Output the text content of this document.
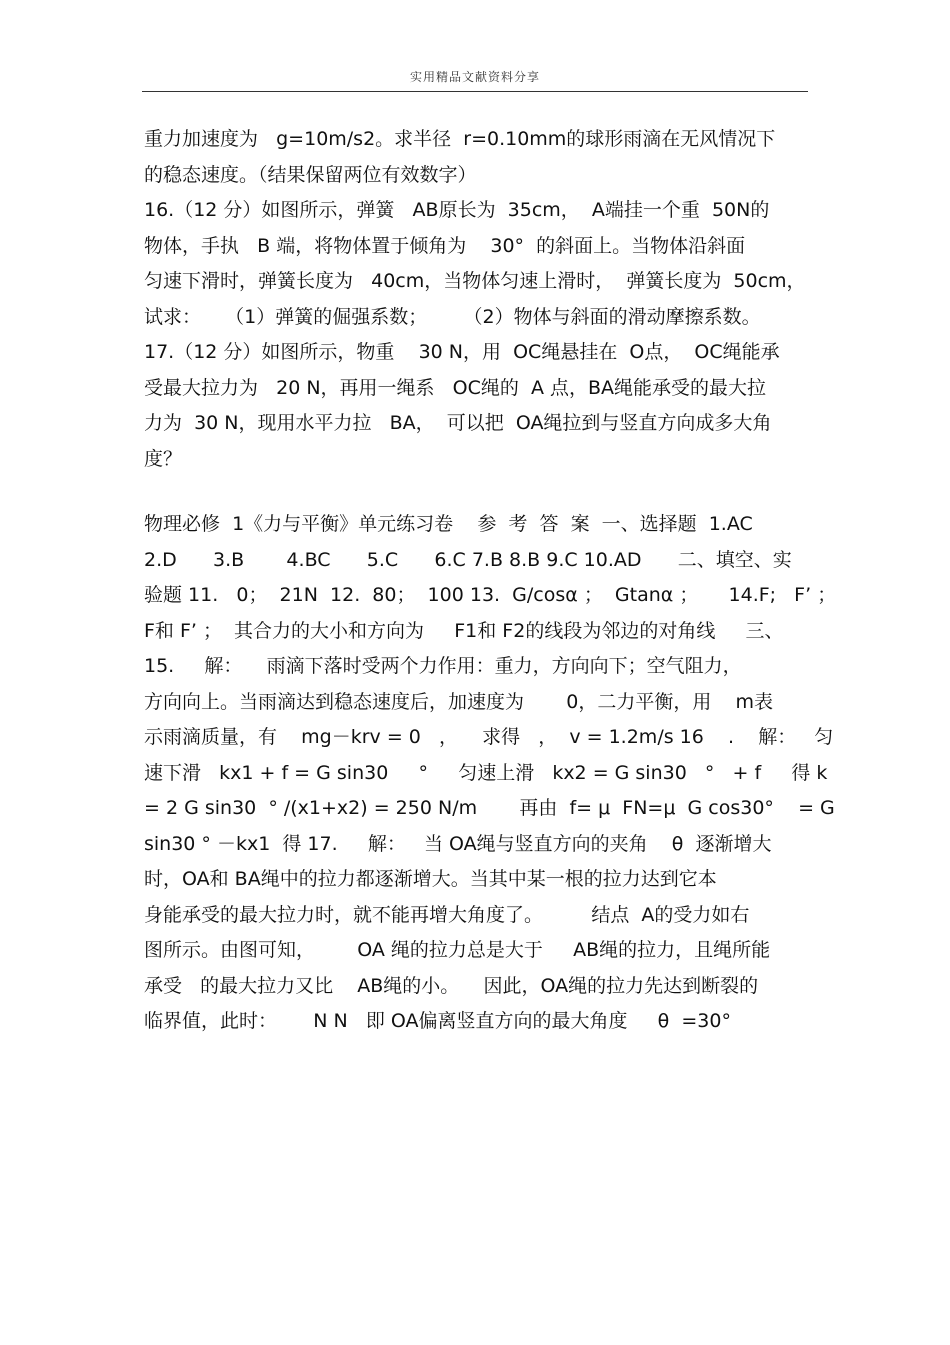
实用精品文献资料分享
重力加速度为   g=10m/s2。求半径  r=0.10mm的球形雨滴在无风情况下
的稳态速度。（结果保留两位有效数字）
16.（12 分）如图所示，弹簧   AB原长为  35cm，  A端挂一个重  50N的
物体，手执   B 端，将物体置于倾角为    30°  的斜面上。当物体沿斜面
匀速下滑时，弹簧长度为   40cm，当物体匀速上滑时，  弹簧长度为  50cm，
试求：    （1）弹簧的倔强系数；      （2）物体与斜面的滑动摩擦系数。
17.（12 分）如图所示，物重    30 N，用  OC绳悬挂在  O点，  OC绳能承
受最大拉力为   20 N，再用一绳系   OC绳的  A 点，BA绳能承受的最大拉
力为  30 N，现用水平力拉   BA，  可以把  OA绳拉到与竖直方向成多大角
度？
物理必修  1《力与平衡》单元练习卷    参  考  答  案  一、选择题  1.AC
2.D      3.B       4.BC      5.C      6.C 7.B 8.B 9.C 10.AD      二、填空、实
验题 11.   0；  21N  12.  80；  100 13.  G/cosα ；  Gtanα ；     14.F;   F’ ；
F和 F’ ；  其合力的大小和方向为     F1和 F2的线段为邻边的对角线     三、
15.     解：    雨滴下落时受两个力作用：重力，方向向下；空气阻力，
方向向上。当雨滴达到稳态速度后，加速度为       0，二力平衡，用    m表
示雨滴质量，有    mg－krv = 0   ，    求得   ，  v = 1.2m/s 16    .    解：   匀
速下滑   kx1 + f = G sin30     °     匀速上滑   kx2 = G sin30   °   + f     得 k
= 2 G sin30  ° /(x1+x2) = 250 N/m       再由  f= μ  FN=μ  G cos30°    = G
sin30 ° －kx1  得 17.     解：   当 OA绳与竖直方向的夹角    θ  逐渐增大
时，OA和 BA绳中的拉力都逐渐增大。当其中某一根的拉力达到它本
身能承受的最大拉力时，就不能再增大角度了。        结点  A的受力如右
图所示。由图可知，       OA 绳的拉力总是大于     AB绳的拉力，且绳所能
承受   的最大拉力又比    AB绳的小。    因此，OA绳的拉力先达到断裂的
临界值，此时：      N N   即 OA偏离竖直方向的最大角度     θ  =30°
